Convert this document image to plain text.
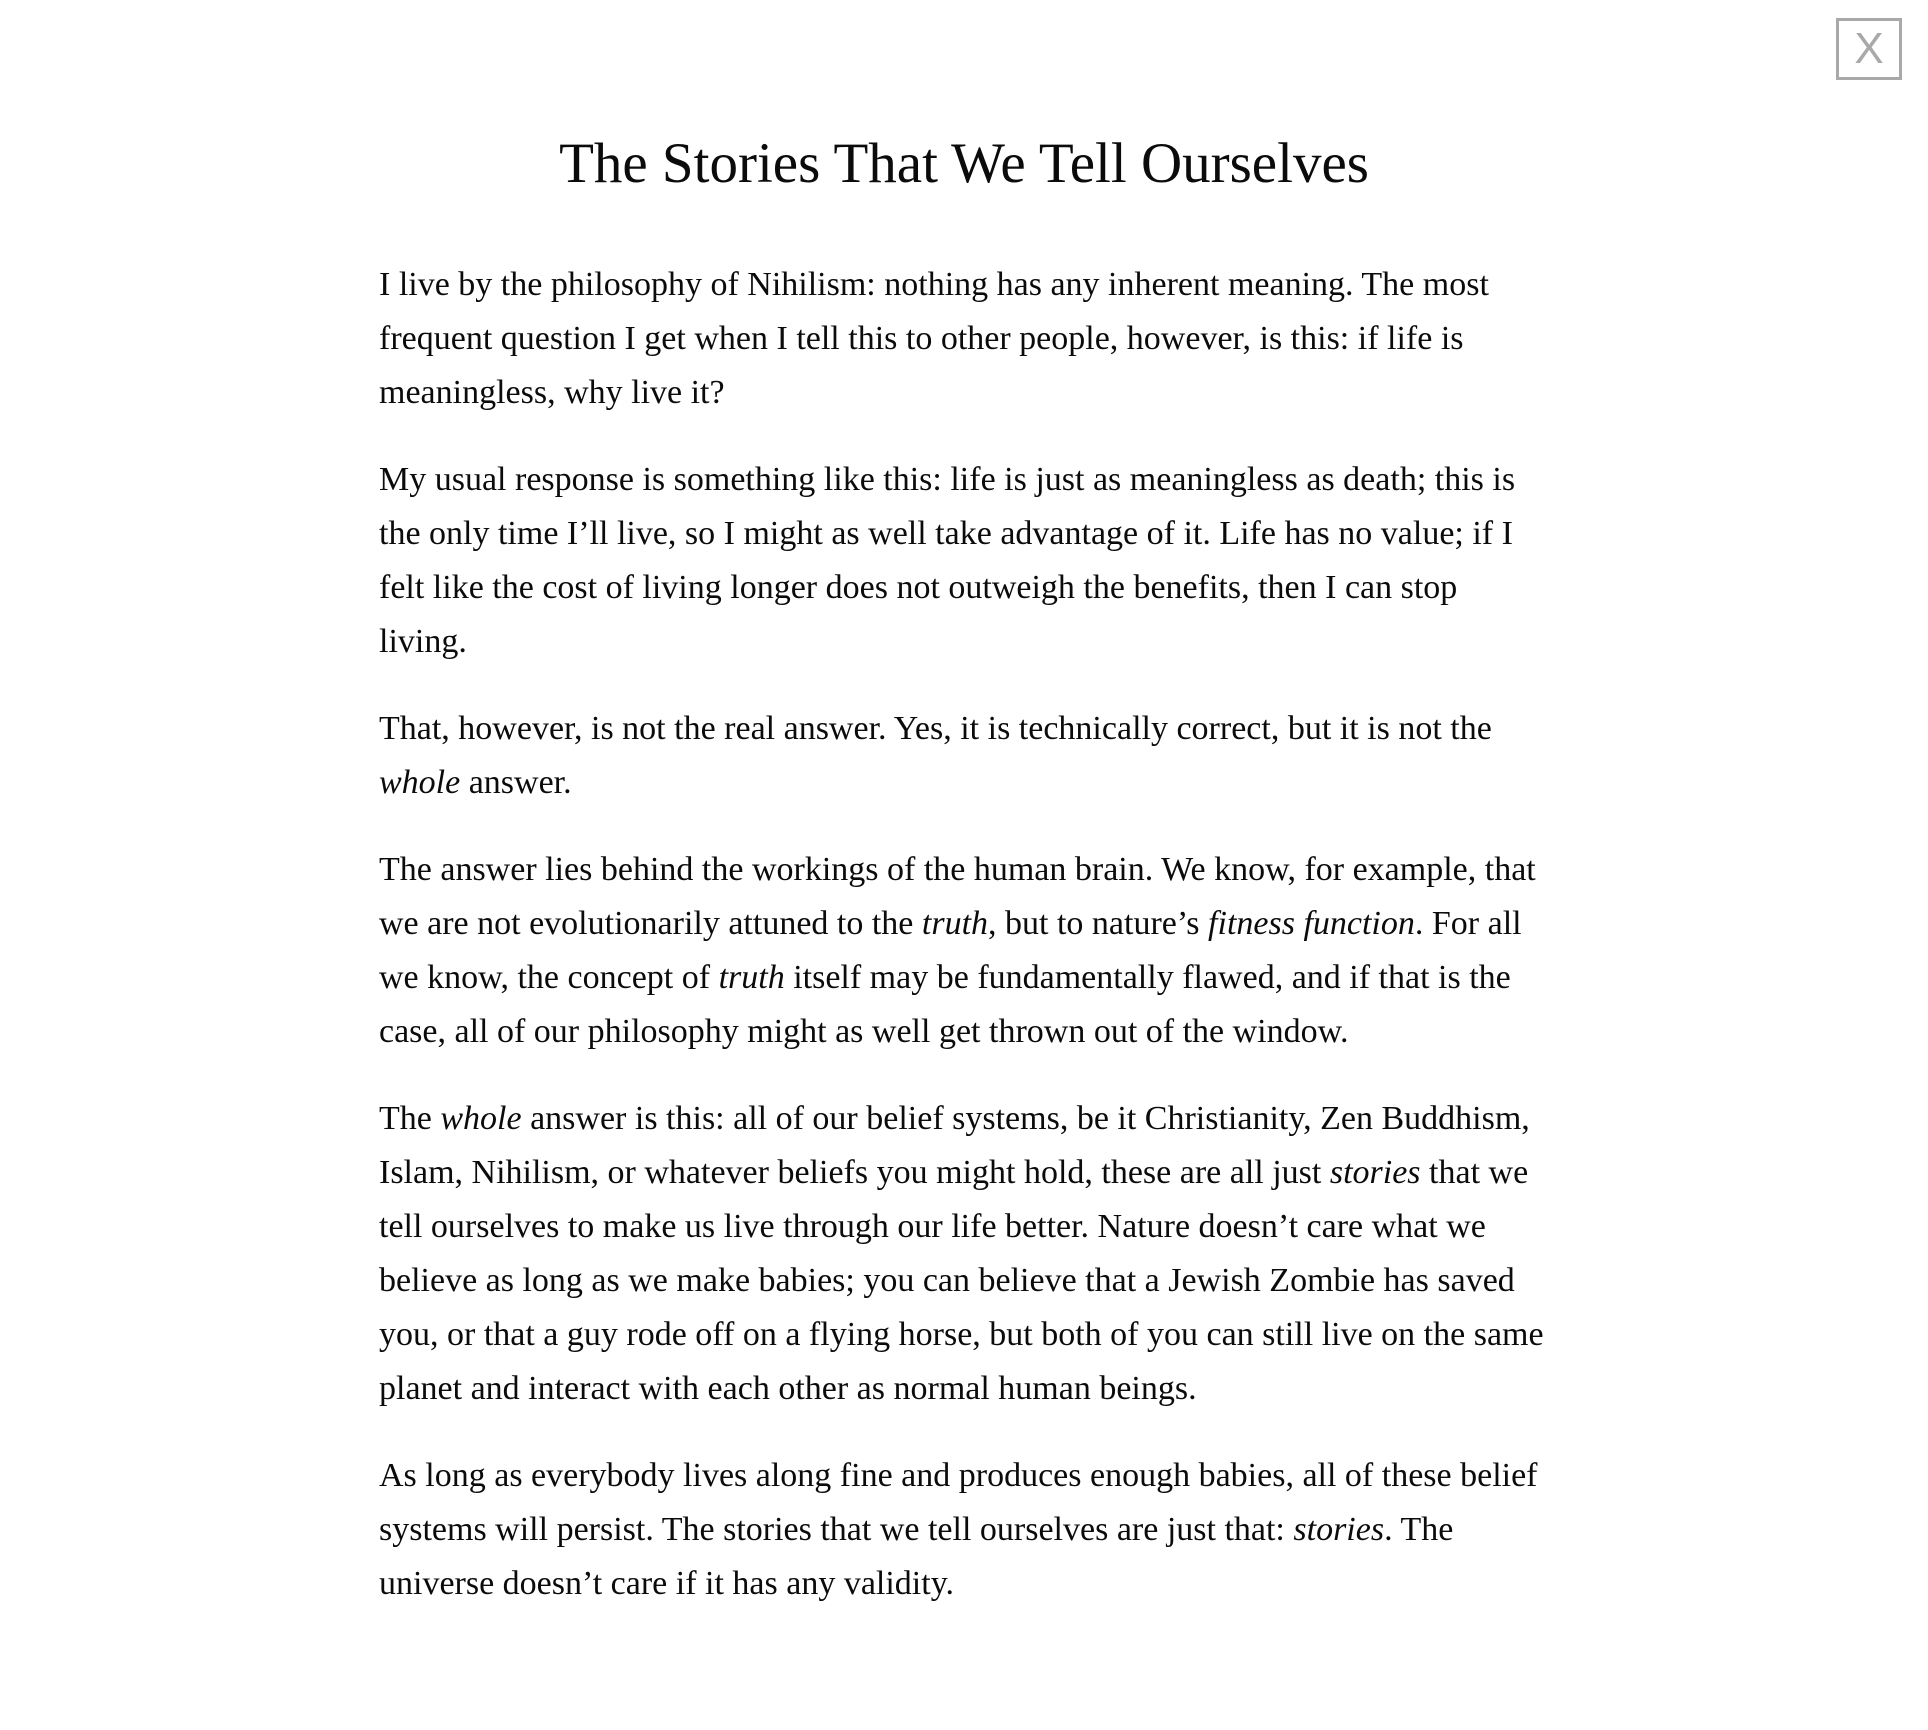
X
The Stories That We Tell Ourselves

I live by the philosophy of Nihilism: nothing has any inherent meaning. The most frequent question I get when I tell this to other people, however, is this: if life is meaningless, why live it?

My usual response is something like this: life is just as meaningless as death; this is the only time I’ll live, so I might as well take advantage of it. Life has no value; if I felt like the cost of living longer does not outweigh the benefits, then I can stop living.

That, however, is not the real answer. Yes, it is technically correct, but it is not the whole answer.

The answer lies behind the workings of the human brain. We know, for example, that we are not evolutionarily attuned to the truth, but to nature’s fitness function. For all we know, the concept of truth itself may be fundamentally flawed, and if that is the case, all of our philosophy might as well get thrown out of the window.

The whole answer is this: all of our belief systems, be it Christianity, Zen Buddhism, Islam, Nihilism, or whatever beliefs you might hold, these are all just stories that we tell ourselves to make us live through our life better. Nature doesn’t care what we believe as long as we make babies; you can believe that a Jewish Zombie has saved you, or that a guy rode off on a flying horse, but both of you can still live on the same planet and interact with each other as normal human beings.

As long as everybody lives along fine and produces enough babies, all of these belief systems will persist. The stories that we tell ourselves are just that: stories. The universe doesn’t care if it has any validity.
